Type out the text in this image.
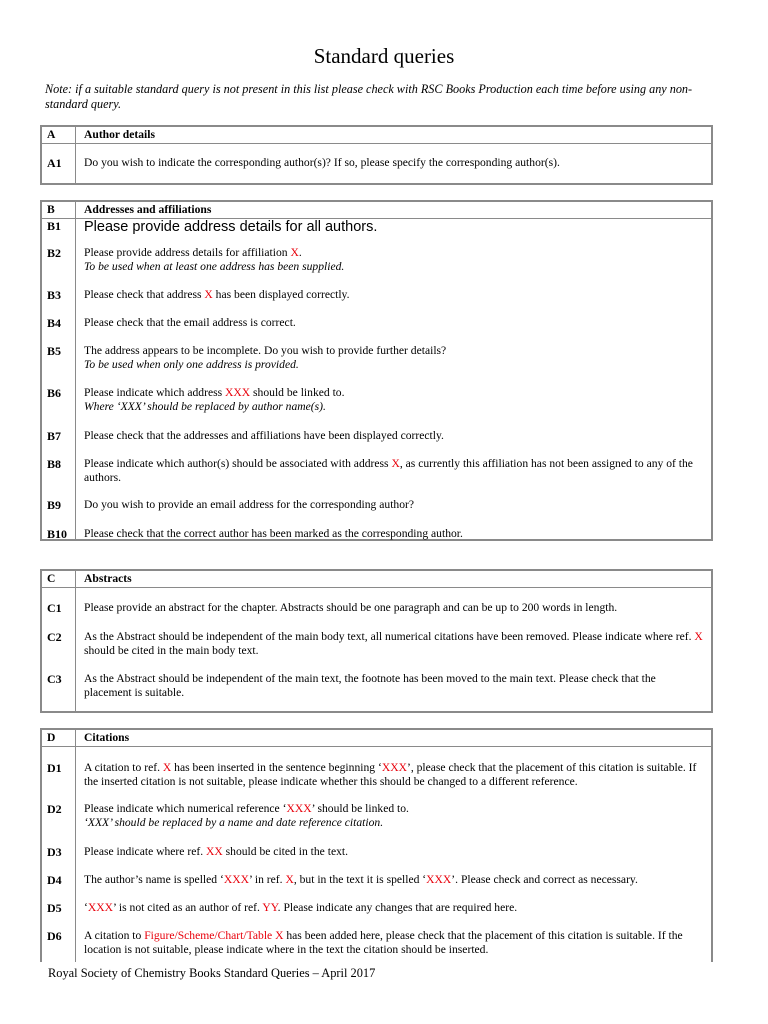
Standard queries
Note: if a suitable standard query is not present in this list please check with RSC Books Production each time before using any non-standard query.
A Author details
A1 Do you wish to indicate the corresponding author(s)? If so, please specify the corresponding author(s).
B	Addresses and affiliations
B1 Please provide address details for all authors.
B2 Please provide address details for affiliation X.
To be used when at least one address has been supplied.
B3 Please check that address X has been displayed correctly.
B4 Please check that the email address is correct.
B5 The address appears to be incomplete. Do you wish to provide further details?
To be used when only one address is provided.
B6 Please indicate which address XXX should be linked to.
Where ‘XXX’ should be replaced by author name(s).
B7 Please check that the addresses and affiliations have been displayed correctly.
B8 Please indicate which author(s) should be associated with address X, as currently this affiliation has not been assigned to any of the authors.
B9 Do you wish to provide an email address for the corresponding author?
B10 Please check that the correct author has been marked as the corresponding author.
C Abstracts
C1 Please provide an abstract for the chapter. Abstracts should be one paragraph and can be up to 200 words in length.
C2 As the Abstract should be independent of the main body text, all numerical citations have been removed. Please indicate where ref. X should be cited in the main body text.
C3 As the Abstract should be independent of the main text, the footnote has been moved to the main text. Please check that the placement is suitable.
D Citations
D1 A citation to ref. X has been inserted in the sentence beginning ‘XXX’, please check that the placement of this citation is suitable. If the inserted citation is not suitable, please indicate whether this should be changed to a different reference.
D2 Please indicate which numerical reference ‘XXX’ should be linked to.
‘XXX’ should be replaced by a name and date reference citation.
D3 Please indicate where ref. XX should be cited in the text.
D4 The author’s name is spelled ‘XXX’ in ref. X, but in the text it is spelled ‘XXX’. Please check and correct as necessary.
D5 ‘XXX’ is not cited as an author of ref. YY. Please indicate any changes that are required here.
D6 A citation to Figure/Scheme/Chart/Table X has been added here, please check that the placement of this citation is suitable. If the location is not suitable, please indicate where in the text the citation should be inserted.
Royal Society of Chemistry Books Standard Queries – April 2017
